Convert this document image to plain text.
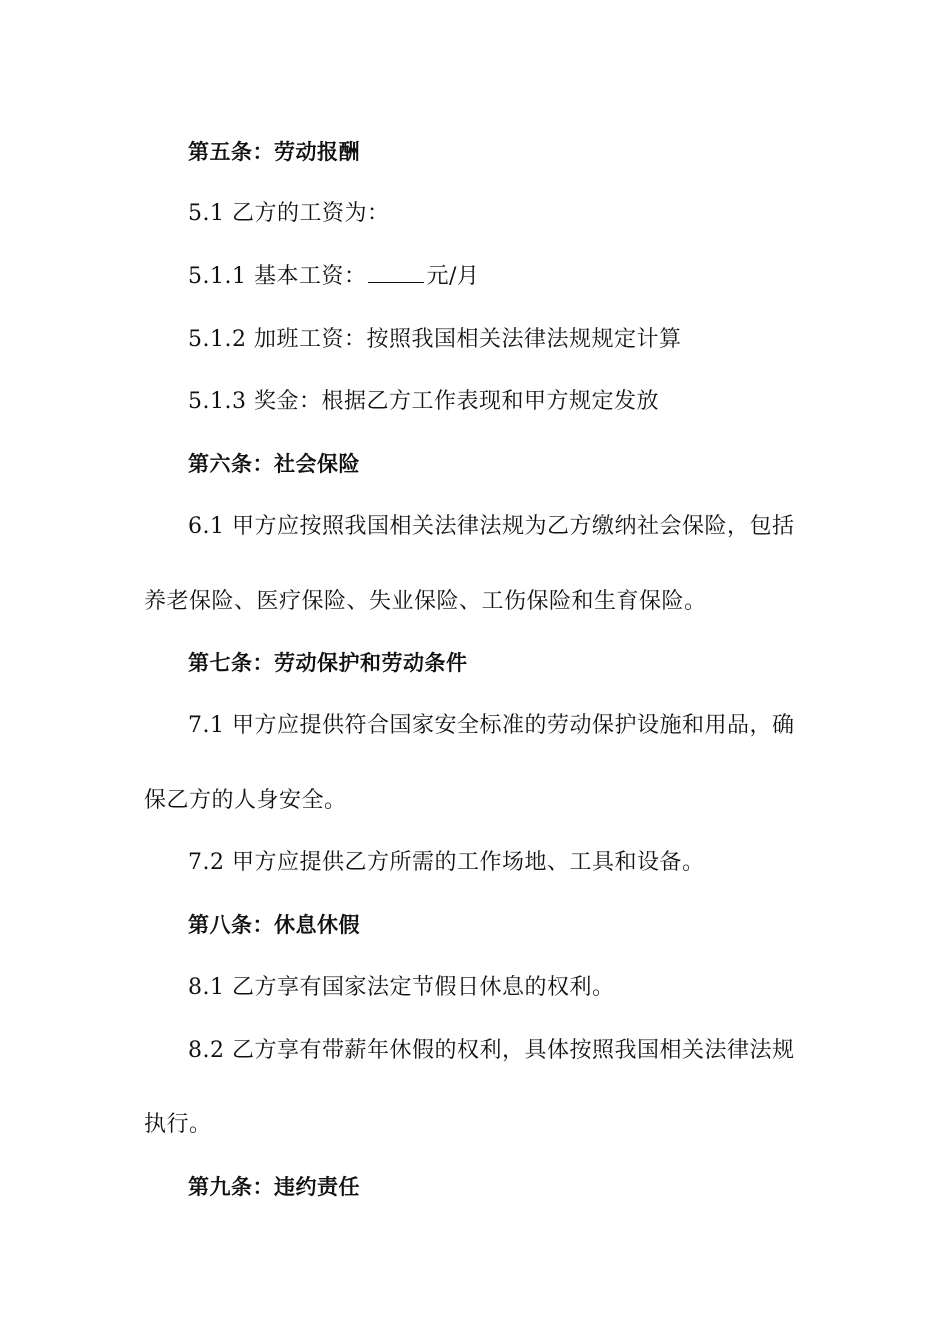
第五条：劳动报酬
5.1 乙方的工资为：
5.1.1 基本工资：	元/月
5.1.2 加班工资：按照我国相关法律法规规定计算
5.1.3 奖金：根据乙方工作表现和甲方规定发放
第六条：社会保险
6.1 甲方应按照我国相关法律法规为乙方缴纳社会保险，包括
养老保险、医疗保险、失业保险、工伤保险和生育保险。
第七条：劳动保护和劳动条件
7.1 甲方应提供符合国家安全标准的劳动保护设施和用品，确
保乙方的人身安全。
7.2 甲方应提供乙方所需的工作场地、工具和设备。
第八条：休息休假
8.1 乙方享有国家法定节假日休息的权利。
8.2 乙方享有带薪年休假的权利，具体按照我国相关法律法规
执行。
第九条：违约责任
